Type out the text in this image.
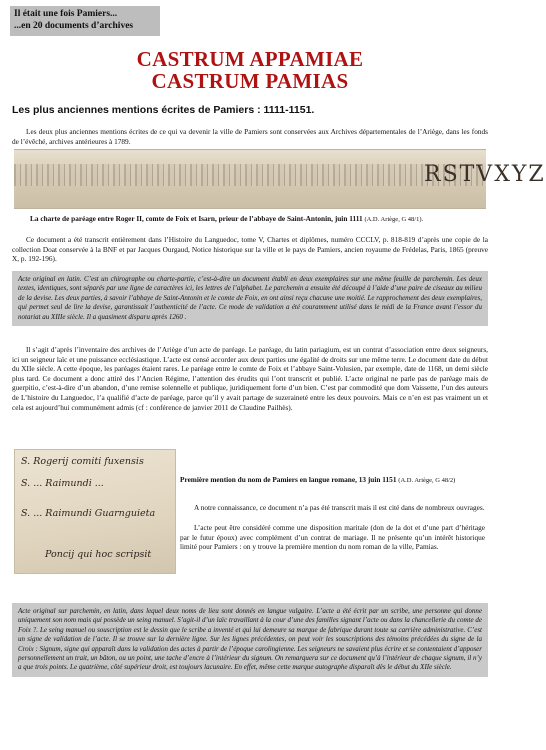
Il était une fois Pamiers...
...en 20 documents d’archives
CASTRUM APPAMIAE
CASTRUM PAMIAS
Les plus anciennes mentions écrites de Pamiers : 1111-1151.

Les deux plus anciennes mentions écrites de ce qui va devenir la ville de Pamiers sont conservées aux Archives départementales de l’Ariège, dans les fonds de l’évêché, archives antérieures à 1789.

RSTVXYZ
La charte de paréage entre Roger II, comte de Foix et Isarn, prieur de l’abbaye de Saint-Antonin, juin 1111 (A.D. Ariège, G 48/1).

Ce document a été transcrit entièrement dans l’Histoire du Languedoc, tome V, Chartes et diplômes, numéro CCCLV, p. 818-819 d’après une copie de la collection Doat conservée à la BNF et par Jacques Ourgaud, Notice historique sur la ville et le pays de Pamiers, ancien royaume de Frédelas, Paris, 1865 (preuve X, p. 192-196).

Acte original en latin. C’est un chirographe ou charte-partie, c’est-à-dire un document établi en deux exemplaires sur une même feuille de parchemin. Les deux textes, identiques, sont séparés par une ligne de caractères ici, les lettres de l’alphabet. Le parchemin a ensuite été découpé à l’aide d’une paire de ciseaux au milieu de la devise. Les deux parties, à savoir l’abbaye de Saint-Antonin et le comte de Foix, en ont ainsi reçu chacune une moitié. Le rapprochement des deux exemplaires, qui permet seul de lire la devise, garantissait l’authenticité de l’acte. Ce mode de validation a été couramment utilisé dans le midi de la France avant l’essor du notariat au XIIIe siècle. Il a quasiment disparu après 1260 .

Il s’agit d’après l’inventaire des archives de l’Ariège d’un acte de paréage. Le paréage, du latin pariagium, est un contrat d’association entre deux seigneurs, ici un seigneur laïc et une puissance ecclésiastique. L’acte est censé accorder aux deux parties une égalité de droits sur une même terre. Le document date du début du XIIe siècle. A cette époque, les paréages étaient rares. Le paréage entre le comte de Foix et l’abbaye Saint-Volusien, par exemple, date de 1168, un demi siècle plus tard. Ce document a donc attiré des l’Ancien Régime, l’attention des érudits qui l’ont transcrit et publié. L’acte original ne parle pas de paréage mais de guerpitio, c’est-à-dire d’un abandon, d’une remise solennelle et publique, juridiquement forte d’un bien. C’est par commodité que dom Vaissette, l’un des auteurs de L’histoire du Languedoc, l’a qualifié d’acte de paréage, parce qu’il y avait partage de suzeraineté entre les deux pouvoirs. Mais ce n’en est pas vraiment un et cela est aujourd’hui communément admis (cf : conférence de janvier 2011 de Claudine Pailhès).

S. Rogerij comiti fuxensis
S. ... Raimundi ...
S. ... Raimundi Guarnguieta
Poncij qui hoc scripsit
Première mention du nom de Pamiers en langue romane, 13 juin 1151 (A.D. Ariège, G 48/2)

A notre connaissance, ce document n’a pas été transcrit mais il est cité dans de nombreux ouvrages.

L’acte peut être considéré comme une disposition maritale (don de la dot et d’une part d’héritage par le futur époux) avec complément d’un contrat de mariage. Il ne présente qu’un intérêt historique limité pour Pamiers : on y trouve la première mention du nom roman de la ville, Pamias.

Acte original sur parchemin, en latin, dans lequel deux noms de lieu sont donnés en langue vulgaire. L’acte a été écrit par un scribe, une personne qui donne uniquement son nom mais qui possède un seing manuel. S’agit-il d’un laïc travaillant à la cour d’une des familles signant l’acte ou dans la chancellerie du comte de Foix ?. Le seing manuel ou souscription est le dessin que le scribe a inventé et qui lui demeure sa marque de fabrique durant toute sa carrière administrative. C’est un signe de validation de l’acte. Il se trouve sur la dernière ligne. Sur les lignes précédentes, on peut voir les souscriptions des témoins précédées du signe de la Croix : Signum, signe qui apparaît dans la validation des actes à partir de l’époque carolingienne. Les seigneurs ne savaient plus écrire et se contentaient d’apposer personnellement un trait, un bâton, ou un point, une tache d’encre à l’intérieur du signum. On remarquera sur ce document qu’à l’intérieur de chaque signum, il n’y a que trois points. Le quatrième, côté supérieur droit, est toujours lacunaire. En effet, même cette marque autographe disparaît dès le début du XIIe siècle.
